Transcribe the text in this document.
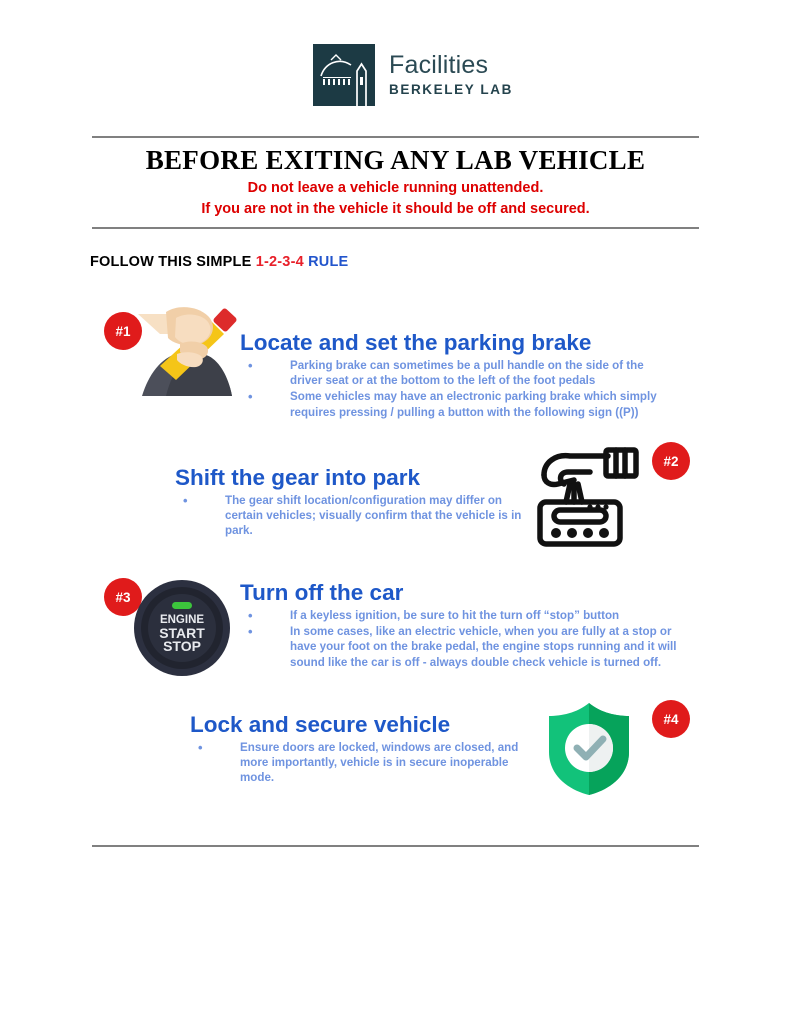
Facilities
BERKELEY LAB
BEFORE EXITING ANY LAB VEHICLE
Do not leave a vehicle running unattended.
If you are not in the vehicle it should be off and secured.
FOLLOW THIS SIMPLE 1-2-3-4 RULE
#1	Locate and set the parking brake
• Parking brake can sometimes be a pull handle on the side of the driver seat or at the bottom to the left of the foot pedals
• Some vehicles may have an electronic parking brake which simply requires pressing / pulling a button with the following sign ((P))
Shift the gear into park
• The gear shift location/configuration may differ on certain vehicles; visually confirm that the vehicle is in park.
#2
#3
ENGINE
START
STOP
Turn off the car
• If a keyless ignition, be sure to hit the turn off “stop” button
• In some cases, like an electric vehicle, when you are fully at a stop or have your foot on the brake pedal, the engine stops running and it will sound like the car is off - always double check vehicle is turned off.
Lock and secure vehicle
• Ensure doors are locked, windows are closed, and more importantly, vehicle is in secure inoperable mode.
#4
